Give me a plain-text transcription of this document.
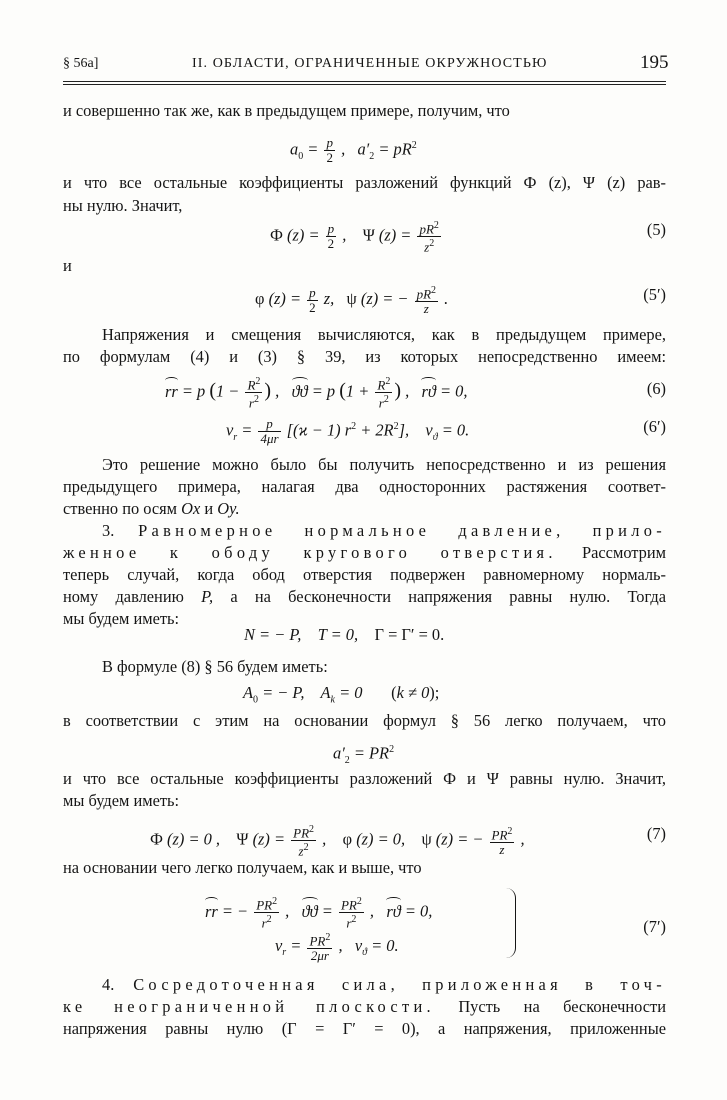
§ 56а]	II. ОБЛАСТИ, ОГРАНИЧЕННЫЕ ОКРУЖНОСТЬЮ	195
и совершенно так же, как в предыдущем примере, получим, что
$a_0 = \frac{p}{2}$ ,   $a'_2 = pR^2$
и что все остальные коэффициенты разложений функций Ф (z), Ψ (z) рав-
ны нулю. Значит,
Ф $(z) = \frac{p}{2}$ ,    Ψ $(z) = \frac{pR^2}{z^2}$	(5)
и
φ $(z) = \frac{p}{2} z$,   ψ (z) = − $\frac{pR^2}{z}$ .	(5′)
Напряжения и смещения вычисляются, как в предыдущем примере,
по формулам (4) и (3) § 39, из которых непосредственно имеем:
rr = p ($1 - \frac{R^2}{r^2}$ ) ,   ϑϑ = p ($1 + \frac{R^2}{r^2}$ ) ,   rϑ = 0,	(6)
$v_r = \frac{p}{4\mu r} [(ϰ - 1) r^2 + 2R^2]$,    $v_ϑ = 0$.	(6′)
Это решение можно было бы получить непосредственно и из решения
предыдущего примера, налагая два односторонних растяжения соответ-
ственно по осям Ox и Oy.
3. Равномерное нормальное давление, прило-
женное к ободу кругового отверстия. Рассмотрим
теперь случай, когда обод отверстия подвержен равномерному нормаль-
ному давлению P, а на бесконечности напряжения равны нулю. Тогда
мы будем иметь:
N = − P,    T = 0,    Г = Г′ = 0.
В формуле (8) § 56 будем иметь:
$A_0$ = − P,    $A_k = 0$       (k ≠ 0);
в соответствии с этим на основании формул § 56 легко получаем, что
$a'_2 = PR^2$
и что все остальные коэффициенты разложений Ф и Ψ равны нулю. Значит,
мы будем иметь:
Ф (z) = 0 ,    Ψ $(z) = \frac{PR^2}{z^2}$ ,    φ (z) = 0,    ψ (z) = − $\frac{PR^2}{z}$ ,	(7)
на основании чего легко получаем, как и выше, что
rr = − $\frac{PR^2}{r^2}$ ,   $ϑϑ = \frac{PR^2}{r^2}$ ,   rϑ = 0,
$v_r = \frac{PR^2}{2\mu r}$ ,   $v_ϑ = 0$.
(7′)
4. Сосредоточенная сила, приложенная в точ-
ке неограниченной плоскости. Пусть на бесконечности
напряжения равны нулю (Г = Г′ = 0), а напряжения, приложенные
